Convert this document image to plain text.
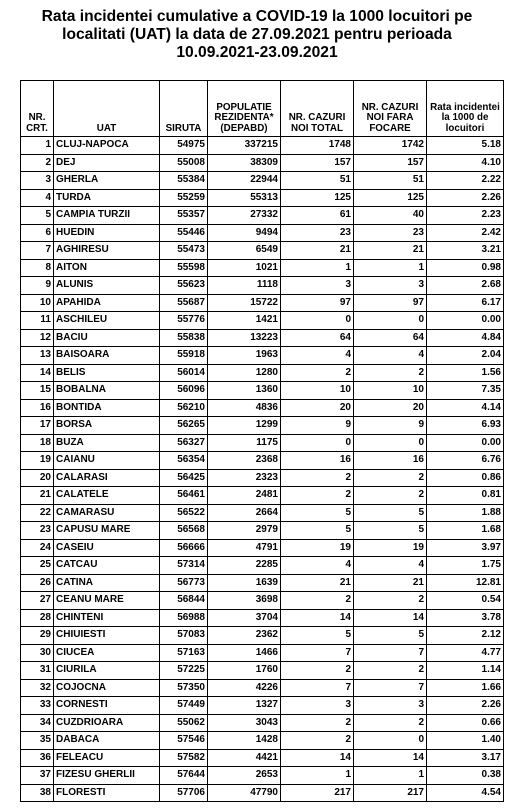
Rata incidentei cumulative a COVID-19 la 1000 locuitori pe
localitati (UAT) la data de 27.09.2021 pentru perioada
10.09.2021-23.09.2021
NR. CRT.	UAT	SIRUTA	POPULATIE REZIDENTA* (DEPABD)	NR. CAZURI NOI TOTAL	NR. CAZURI NOI FARA FOCARE	Rata incidentei la 1000 de locuitori
1	CLUJ-NAPOCA	54975	337215	1748	1742	5.18
2	DEJ	55008	38309	157	157	4.10
3	GHERLA	55384	22944	51	51	2.22
4	TURDA	55259	55313	125	125	2.26
5	CAMPIA TURZII	55357	27332	61	40	2.23
6	HUEDIN	55446	9494	23	23	2.42
7	AGHIRESU	55473	6549	21	21	3.21
8	AITON	55598	1021	1	1	0.98
9	ALUNIS	55623	1118	3	3	2.68
10	APAHIDA	55687	15722	97	97	6.17
11	ASCHILEU	55776	1421	0	0	0.00
12	BACIU	55838	13223	64	64	4.84
13	BAISOARA	55918	1963	4	4	2.04
14	BELIS	56014	1280	2	2	1.56
15	BOBALNA	56096	1360	10	10	7.35
16	BONTIDA	56210	4836	20	20	4.14
17	BORSA	56265	1299	9	9	6.93
18	BUZA	56327	1175	0	0	0.00
19	CAIANU	56354	2368	16	16	6.76
20	CALARASI	56425	2323	2	2	0.86
21	CALATELE	56461	2481	2	2	0.81
22	CAMARASU	56522	2664	5	5	1.88
23	CAPUSU MARE	56568	2979	5	5	1.68
24	CASEIU	56666	4791	19	19	3.97
25	CATCAU	57314	2285	4	4	1.75
26	CATINA	56773	1639	21	21	12.81
27	CEANU MARE	56844	3698	2	2	0.54
28	CHINTENI	56988	3704	14	14	3.78
29	CHIUIESTI	57083	2362	5	5	2.12
30	CIUCEA	57163	1466	7	7	4.77
31	CIURILA	57225	1760	2	2	1.14
32	COJOCNA	57350	4226	7	7	1.66
33	CORNESTI	57449	1327	3	3	2.26
34	CUZDRIOARA	55062	3043	2	2	0.66
35	DABACA	57546	1428	2	0	1.40
36	FELEACU	57582	4421	14	14	3.17
37	FIZESU GHERLII	57644	2653	1	1	0.38
38	FLORESTI	57706	47790	217	217	4.54
